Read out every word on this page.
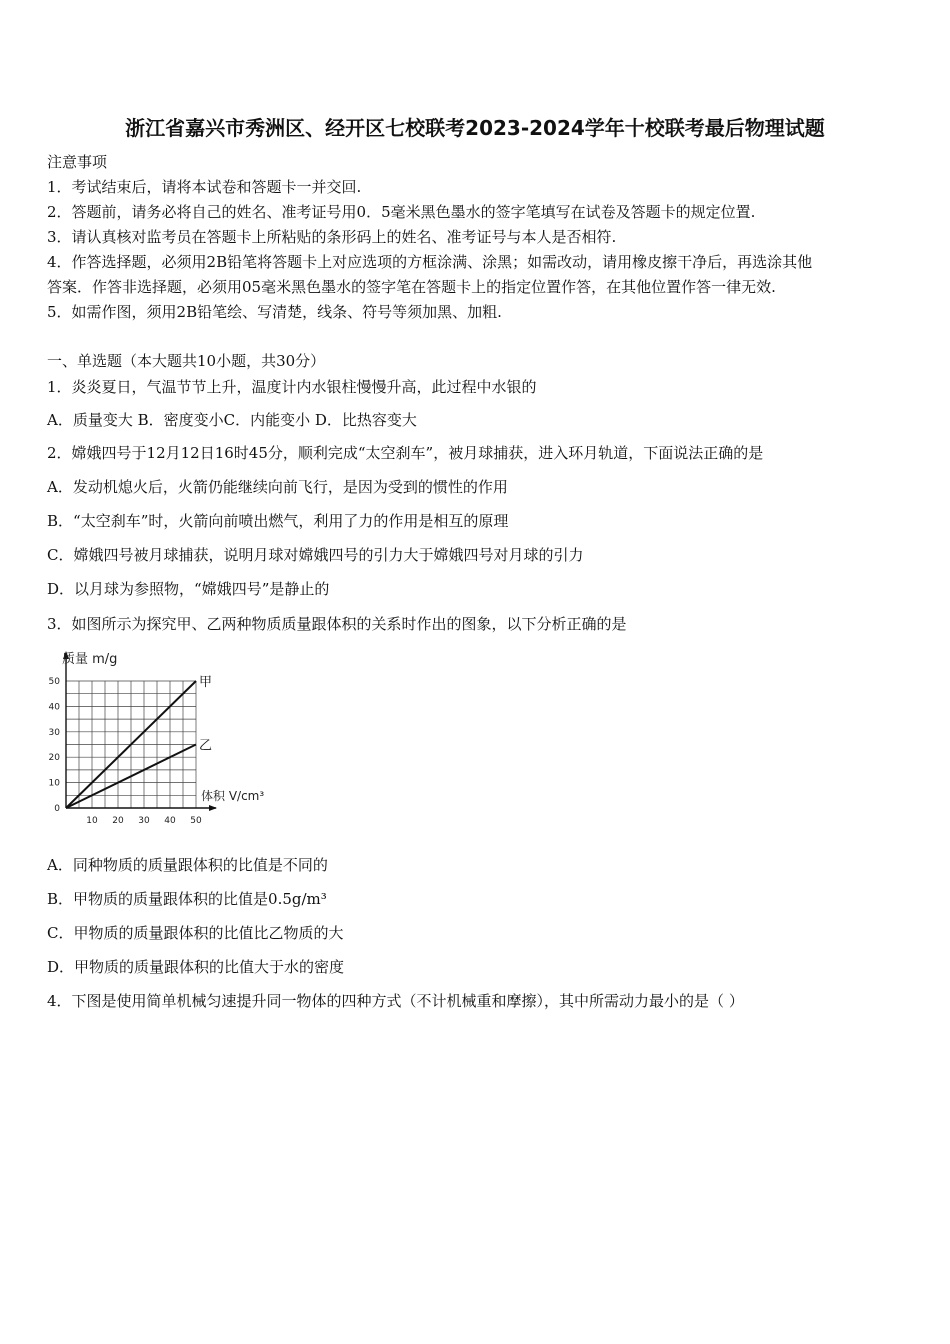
浙江省嘉兴市秀洲区、经开区七校联考2023-2024学年十校联考最后物理试题
注意事项
1．考试结束后，请将本试卷和答题卡一并交回.
2．答题前，请务必将自己的姓名、准考证号用0．5毫米黑色墨水的签字笔填写在试卷及答题卡的规定位置.
3．请认真核对监考员在答题卡上所粘贴的条形码上的姓名、准考证号与本人是否相符.
4．作答选择题，必须用2B铅笔将答题卡上对应选项的方框涂满、涂黑；如需改动，请用橡皮擦干净后，再选涂其他
答案．作答非选择题，必须用05毫米黑色墨水的签字笔在答题卡上的指定位置作答，在其他位置作答一律无效.
5．如需作图，须用2B铅笔绘、写清楚，线条、符号等须加黑、加粗.
一、单选题（本大题共10小题，共30分）
1．炎炎夏日，气温节节上升，温度计内水银柱慢慢升高，此过程中水银的
A．质量变大 B．密度变小C．内能变小 D．比热容变大
2．嫦娥四号于12月12日16时45分，顺利完成“太空刹车”，被月球捕获，进入环月轨道，下面说法正确的是
A．发动机熄火后，火箭仍能继续向前飞行，是因为受到的惯性的作用
B．“太空刹车”时，火箭向前喷出燃气，利用了力的作用是相互的原理
C．嫦娥四号被月球捕获，说明月球对嫦娥四号的引力大于嫦娥四号对月球的引力
D．以月球为参照物，“嫦娥四号”是静止的
3．如图所示为探究甲、乙两种物质质量跟体积的关系时作出的图象，以下分析正确的是
0
10
20
30
40
50
10 20 30 40 50
甲
乙
质量 m/g
体积 V/cm³
A．同种物质的质量跟体积的比值是不同的
B．甲物质的质量跟体积的比值是0.5g/m³
C．甲物质的质量跟体积的比值比乙物质的大
D．甲物质的质量跟体积的比值大于水的密度
4．下图是使用简单机械匀速提升同一物体的四种方式（不计机械重和摩擦），其中所需动力最小的是（ ）
